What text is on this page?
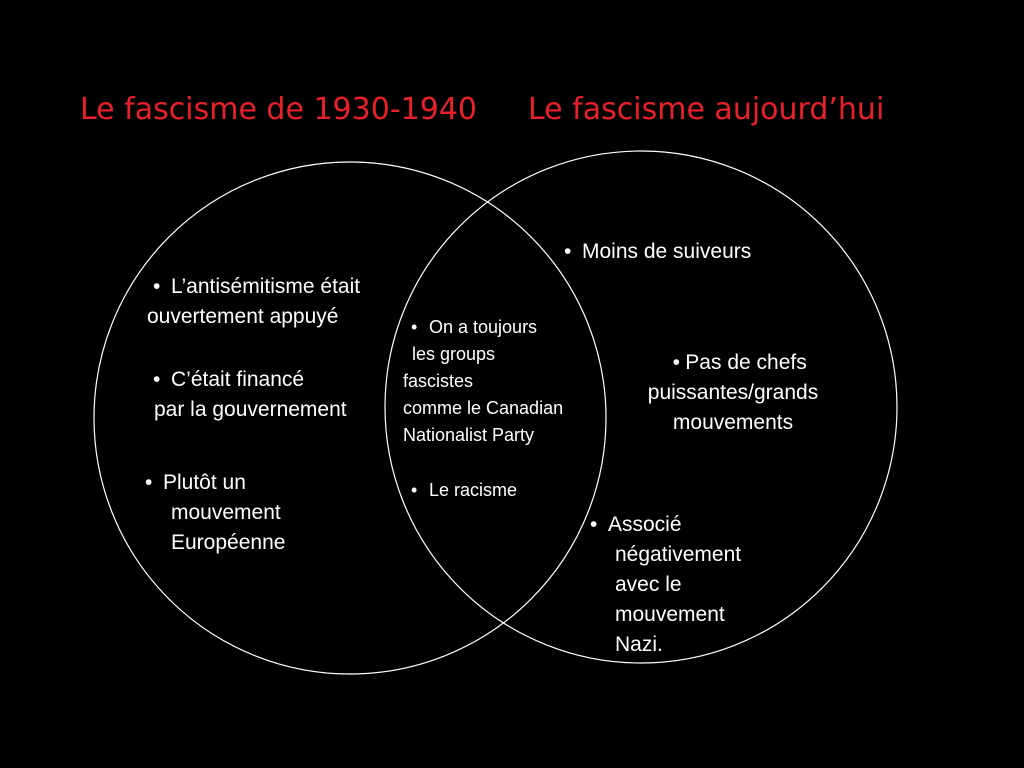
Le fascisme de 1930-1940 Le fascisme aujourd’hui
• L’antisémitisme était
ouvertement appuyé
• C’était financé
par la gouvernement
• Plutôt un
mouvement
Européenne
• On a toujours
les groups
fascistes
comme le Canadian
Nationalist Party
• Le racisme
• Moins de suiveurs
• Pas de chefs
puissantes/grands
mouvements
• Associé
négativement
avec le
mouvement
Nazi.
